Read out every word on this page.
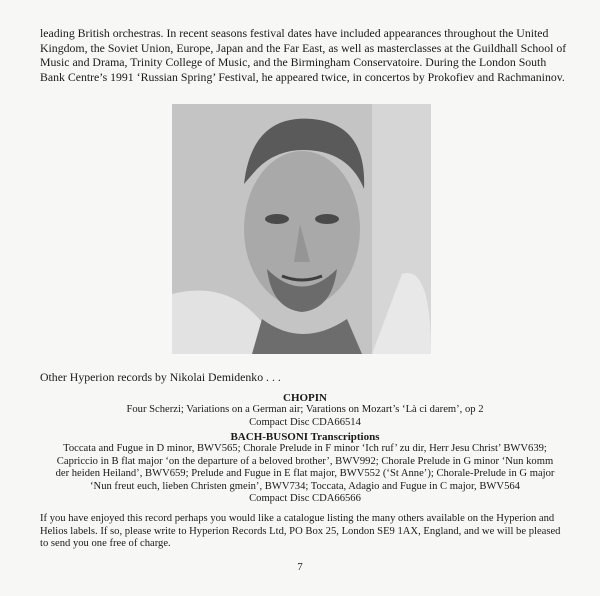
leading British orchestras. In recent seasons festival dates have included appearances throughout the United Kingdom, the Soviet Union, Europe, Japan and the Far East, as well as masterclasses at the Guildhall School of Music and Drama, Trinity College of Music, and the Birmingham Conservatoire. During the London South Bank Centre’s 1991 ‘Russian Spring’ Festival, he appeared twice, in concertos by Prokofiev and Rachmaninov.
Other Hyperion records by Nikolai Demidenko . . .
CHOPIN
Four Scherzi; Variations on a German air; Varations on Mozart’s ‘Là ci darem’, op 2
Compact Disc CDA66514
BACH-BUSONI Transcriptions
Toccata and Fugue in D minor, BWV565; Chorale Prelude in F minor ‘Ich ruf’ zu dir, Herr Jesu Christ’ BWV639;
Capriccio in B flat major ‘on the departure of a beloved brother’, BWV992; Chorale Prelude in G minor ‘Nun komm
der heiden Heiland’, BWV659; Prelude and Fugue in E flat major, BWV552 (‘St Anne’); Chorale-Prelude in G major
‘Nun freut euch, lieben Christen gmein’, BWV734; Toccata, Adagio and Fugue in C major, BWV564
Compact Disc CDA66566
If you have enjoyed this record perhaps you would like a catalogue listing the many others available on the Hyperion and Helios labels. If so, please write to Hyperion Records Ltd, PO Box 25, London SE9 1AX, England, and we will be pleased to send you one free of charge.
7
